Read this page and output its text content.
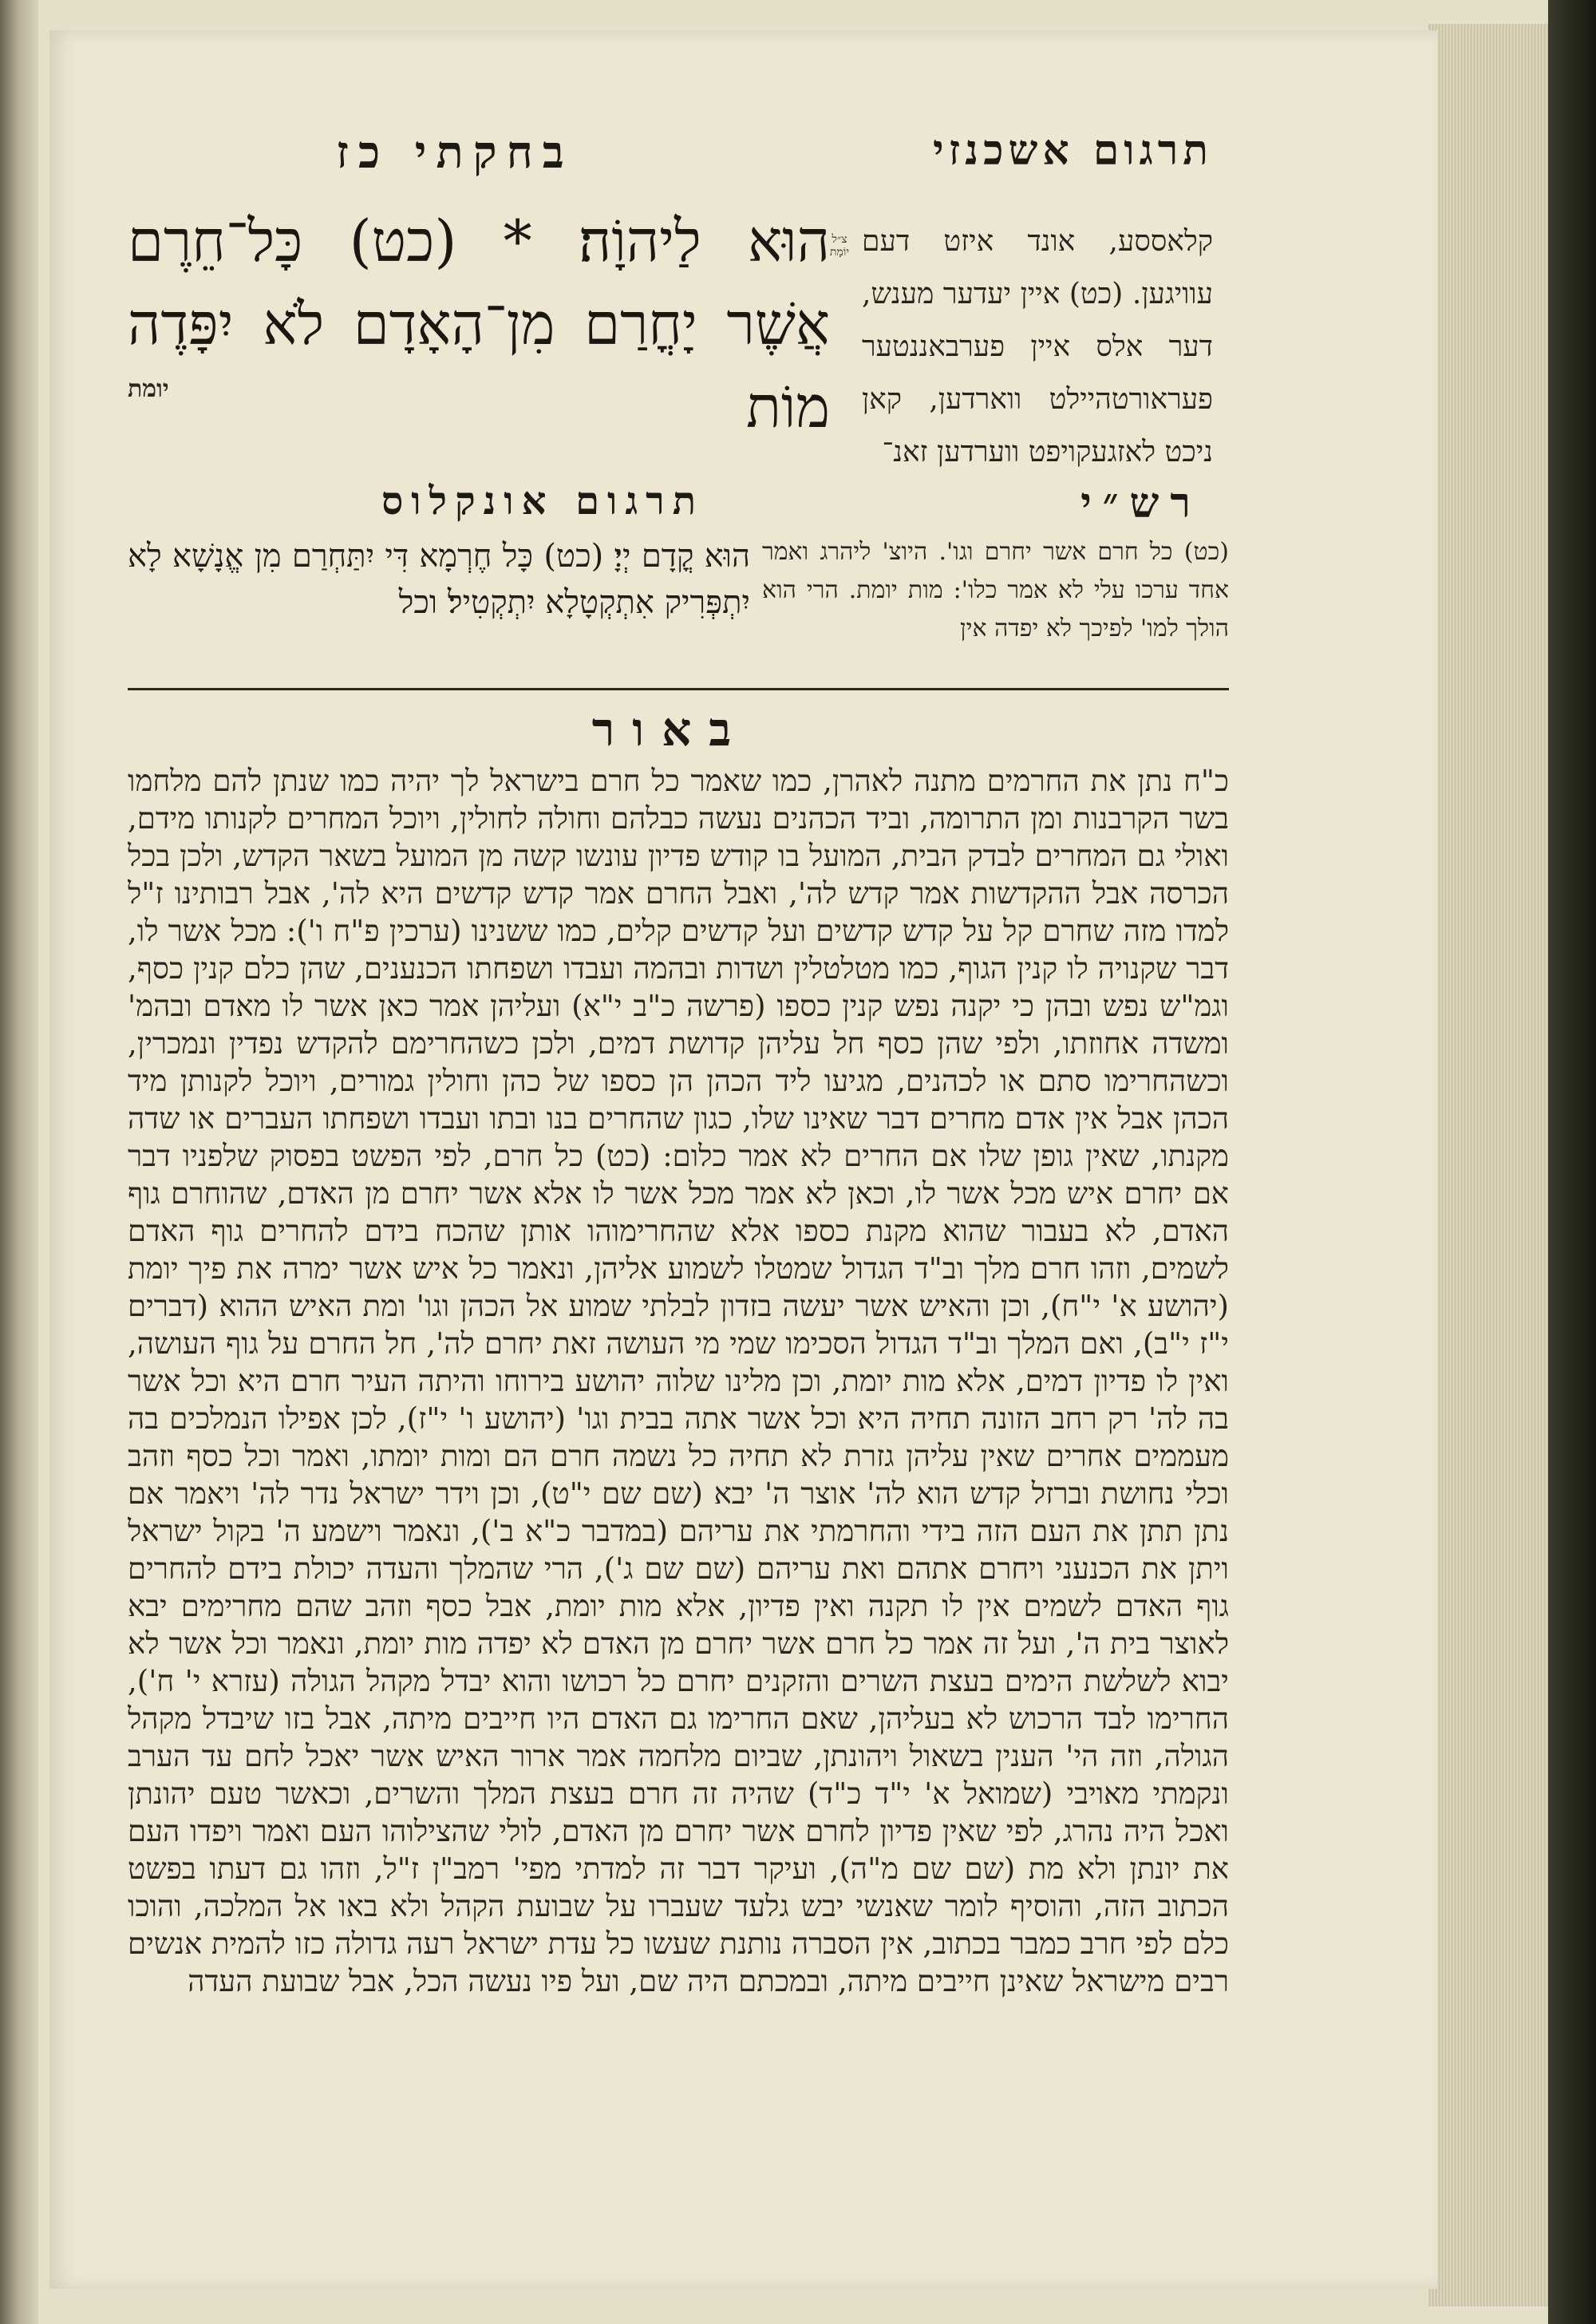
תרגום אשכנזי
בחקתי כז
קלאססע, אונד איזט דעם עוויגען. (כט) איין יעדער מענש, דער אלס איין פערבאננטער פעראורטהיילט ווארדען, קאן ניכט לאזגעקויפט ווערדען זאנ־
הוּא לַיהוָֹה׃ * (כט) כָּל־חֵרֶם אֲשֶׁר יָחֳרַם מִן־הָאָדָם לֹא יִפָּדֶה מוֹת
יומת
צ״ל יוֹמָת
רש״י
תרגום אונקלוס
(כט) כל חרם אשר יחרם וגו'. היוצ' ליהרג ואמר אחד ערכו עלי לא אמר כלו': מות יומת. הרי הוא הולך למו' לפיכך לא יפדה אין
הוּא קֳדָם יְיָ׃ (כט) כָּל חֶרְמָא דִּי יִתַּחְרַם מִן אֱנָשָׁא לָא יִתְפְּרִיק אִתְקְטָלָא יִתְקְטִיל׃ וכל
באור

כ"ח נתן את החרמים מתנה לאהרן, כמו שאמר כל חרם בישראל לך יהיה כמו שנתן להם מלחמו בשר הקרבנות ומן התרומה, וביד הכהנים נעשה כבלהם וחולה לחולין, ויוכל המחרים לקנותו מידם, ואולי גם המחרים לבדק הבית, המועל בו קודש פדיון עונשו קשה מן המועל בשאר הקדש, ולכן בכל הכרסה אבל ההקדשות אמר קדש לה', ואבל החרם אמר קדש קדשים היא לה', אבל רבותינו ז"ל למדו מזה שחרם קל על קדש קדשים ועל קדשים קלים, כמו ששנינו (ערכין פ"ח ו'): מכל אשר לו, דבר שקנויה לו קנין הגוף, כמו מטלטלין ושדות ובהמה ועבדו ושפחתו הכנענים, שהן כלם קנין כסף, וגמ"ש נפש ובהן כי יקנה נפש קנין כספו (פרשה כ"ב י"א) ועליהן אמר כאן אשר לו מאדם ובהמ' ומשדה אחוזתו, ולפי שהן כסף חל עליהן קדושת דמים, ולכן כשהחרימם להקדש נפדין ונמכרין, וכשהחרימו סתם או לכהנים, מגיעו ליד הכהן הן כספו של כהן וחולין גמורים, ויוכל לקנותן מיד הכהן אבל אין אדם מחרים דבר שאינו שלו, כגון שהחרים בנו ובתו ועבדו ושפחתו העברים או שדה מקנתו, שאין גופן שלו אם החרים לא אמר כלום: (כט) כל חרם, לפי הפשט בפסוק שלפניו דבר אם יחרם איש מכל אשר לו, וכאן לא אמר מכל אשר לו אלא אשר יחרם מן האדם, שהוחרם גוף האדם, לא בעבור שהוא מקנת כספו אלא שהחרימוהו אותן שהכח בידם להחרים גוף האדם לשמים, וזהו חרם מלך וב"ד הגדול שמטלו לשמוע אליהן, ונאמר כל איש אשר ימרה את פיך יומת (יהושע א' י"ח), וכן והאיש אשר יעשה בזדון לבלתי שמוע אל הכהן וגו' ומת האיש ההוא (דברים י"ז י"ב), ואם המלך וב"ד הגדול הסכימו שמי מי העושה זאת יחרם לה', חל החרם על גוף העושה, ואין לו פדיון דמים, אלא מות יומת, וכן מלינו שלוה יהושע בירוחו והיתה העיר חרם היא וכל אשר בה לה' רק רחב הזונה תחיה היא וכל אשר אתה בבית וגו' (יהושע ו' י"ז), לכן אפילו הנמלכים בה מעממים אחרים שאין עליהן גזרת לא תחיה כל נשמה חרם הם ומות יומתו, ואמר וכל כסף וזהב וכלי נחושת וברזל קדש הוא לה' אוצר ה' יבא (שם שם י"ט), וכן וידר ישראל נדר לה' ויאמר אם נתן תתן את העם הזה בידי והחרמתי את עריהם (במדבר כ"א ב'), ונאמר וישמע ה' בקול ישראל ויתן את הכנעני ויחרם אתהם ואת עריהם (שם שם ג'), הרי שהמלך והעדה יכולת בידם להחרים גוף האדם לשמים אין לו תקנה ואין פדיון, אלא מות יומת, אבל כסף וזהב שהם מחרימים יבא לאוצר בית ה', ועל זה אמר כל חרם אשר יחרם מן האדם לא יפדה מות יומת, ונאמר וכל אשר לא יבוא לשלשת הימים בעצת השרים והזקנים יחרם כל רכושו והוא יבדל מקהל הגולה (עזרא י' ח'), החרימו לבד הרכוש לא בעליהן, שאם החרימו גם האדם היו חייבים מיתה, אבל בזו שיבדל מקהל הגולה, וזה הי' הענין בשאול ויהונתן, שביום מלחמה אמר ארור האיש אשר יאכל לחם עד הערב ונקמתי מאויבי (שמואל א' י"ד כ"ד) שהיה זה חרם בעצת המלך והשרים, וכאשר טעם יהונתן ואכל היה נהרג, לפי שאין פדיון לחרם אשר יחרם מן האדם, לולי שהצילוהו העם ואמר ויפדו העם את יונתן ולא מת (שם שם מ"ה), ועיקר דבר זה למדתי מפי' רמב"ן ז"ל, וזהו גם דעתו בפשט הכתוב הזה, והוסיף לומר שאנשי יבש גלעד שעברו על שבועת הקהל ולא באו אל המלכה, והוכו כלם לפי חרב כמבר בכתוב, אין הסברה נותנת שעשו כל עדת ישראל רעה גדולה כזו להמית אנשים רבים מישראל שאינן חייבים מיתה, ובמכתם היה שם, ועל פיו נעשה הכל, אבל שבועת העדה
